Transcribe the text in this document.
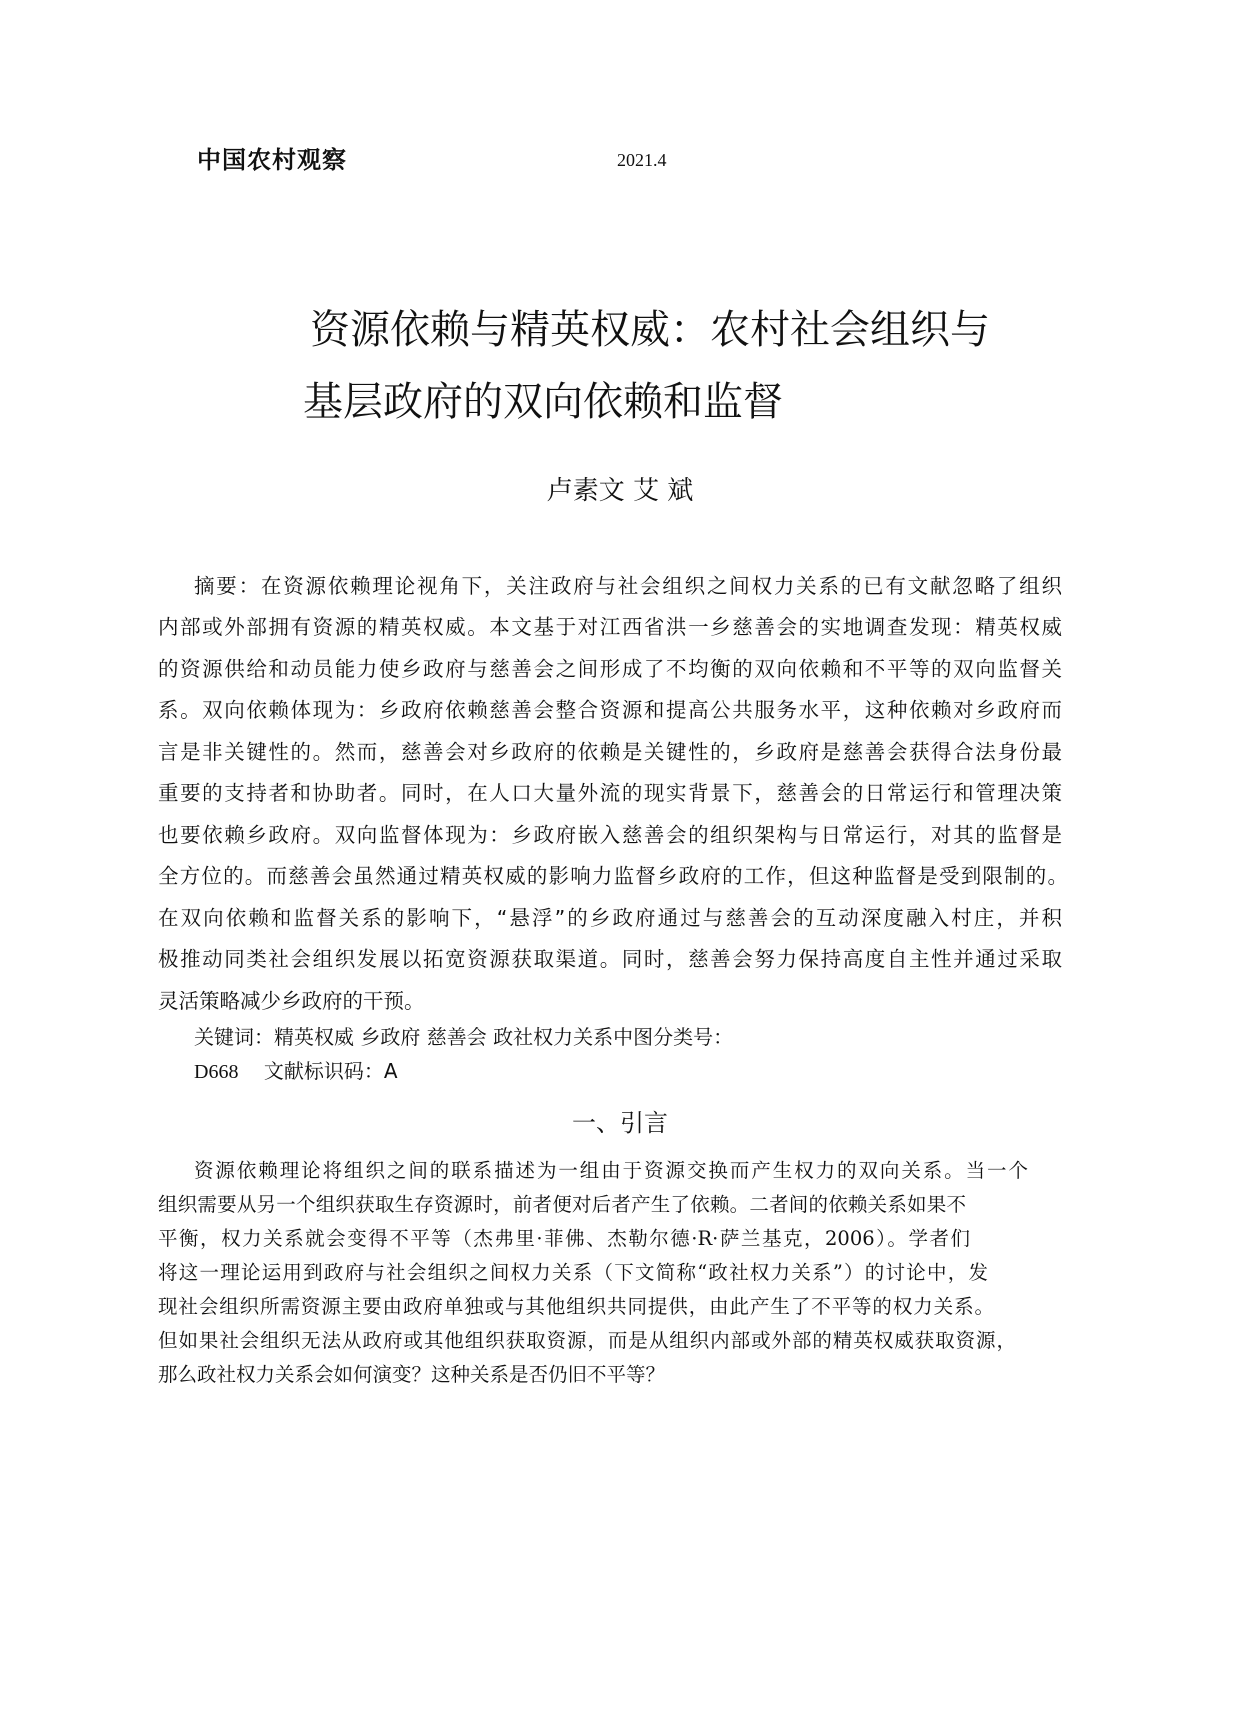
中国农村观察	2021.4
资源依赖与精英权威：农村社会组织与
基层政府的双向依赖和监督
卢素文 艾 斌
摘要：在资源依赖理论视角下，关注政府与社会组织之间权力关系的已有文献忽略了组织
内部或外部拥有资源的精英权威。本文基于对江西省洪一乡慈善会的实地调查发现：精英权威
的资源供给和动员能力使乡政府与慈善会之间形成了不均衡的双向依赖和不平等的双向监督关
系。双向依赖体现为：乡政府依赖慈善会整合资源和提高公共服务水平，这种依赖对乡政府而
言是非关键性的。然而，慈善会对乡政府的依赖是关键性的，乡政府是慈善会获得合法身份最
重要的支持者和协助者。同时，在人口大量外流的现实背景下，慈善会的日常运行和管理决策
也要依赖乡政府。双向监督体现为：乡政府嵌入慈善会的组织架构与日常运行，对其的监督是
全方位的。而慈善会虽然通过精英权威的影响力监督乡政府的工作，但这种监督是受到限制的。
在双向依赖和监督关系的影响下，“悬浮”的乡政府通过与慈善会的互动深度融入村庄，并积
极推动同类社会组织发展以拓宽资源获取渠道。同时，慈善会努力保持高度自主性并通过采取
灵活策略减少乡政府的干预。
关键词：精英权威 乡政府 慈善会 政社权力关系中图分类号：
D668 文献标识码：A
一、引言
资源依赖理论将组织之间的联系描述为一组由于资源交换而产生权力的双向关系。当一个
组织需要从另一个组织获取生存资源时，前者便对后者产生了依赖。二者间的依赖关系如果不
平衡，权力关系就会变得不平等（杰弗里·菲佛、杰勒尔德·R·萨兰基克，2006）。学者们
将这一理论运用到政府与社会组织之间权力关系（下文简称“政社权力关系”）的讨论中，发
现社会组织所需资源主要由政府单独或与其他组织共同提供，由此产生了不平等的权力关系。
但如果社会组织无法从政府或其他组织获取资源，而是从组织内部或外部的精英权威获取资源，
那么政社权力关系会如何演变？这种关系是否仍旧不平等？
